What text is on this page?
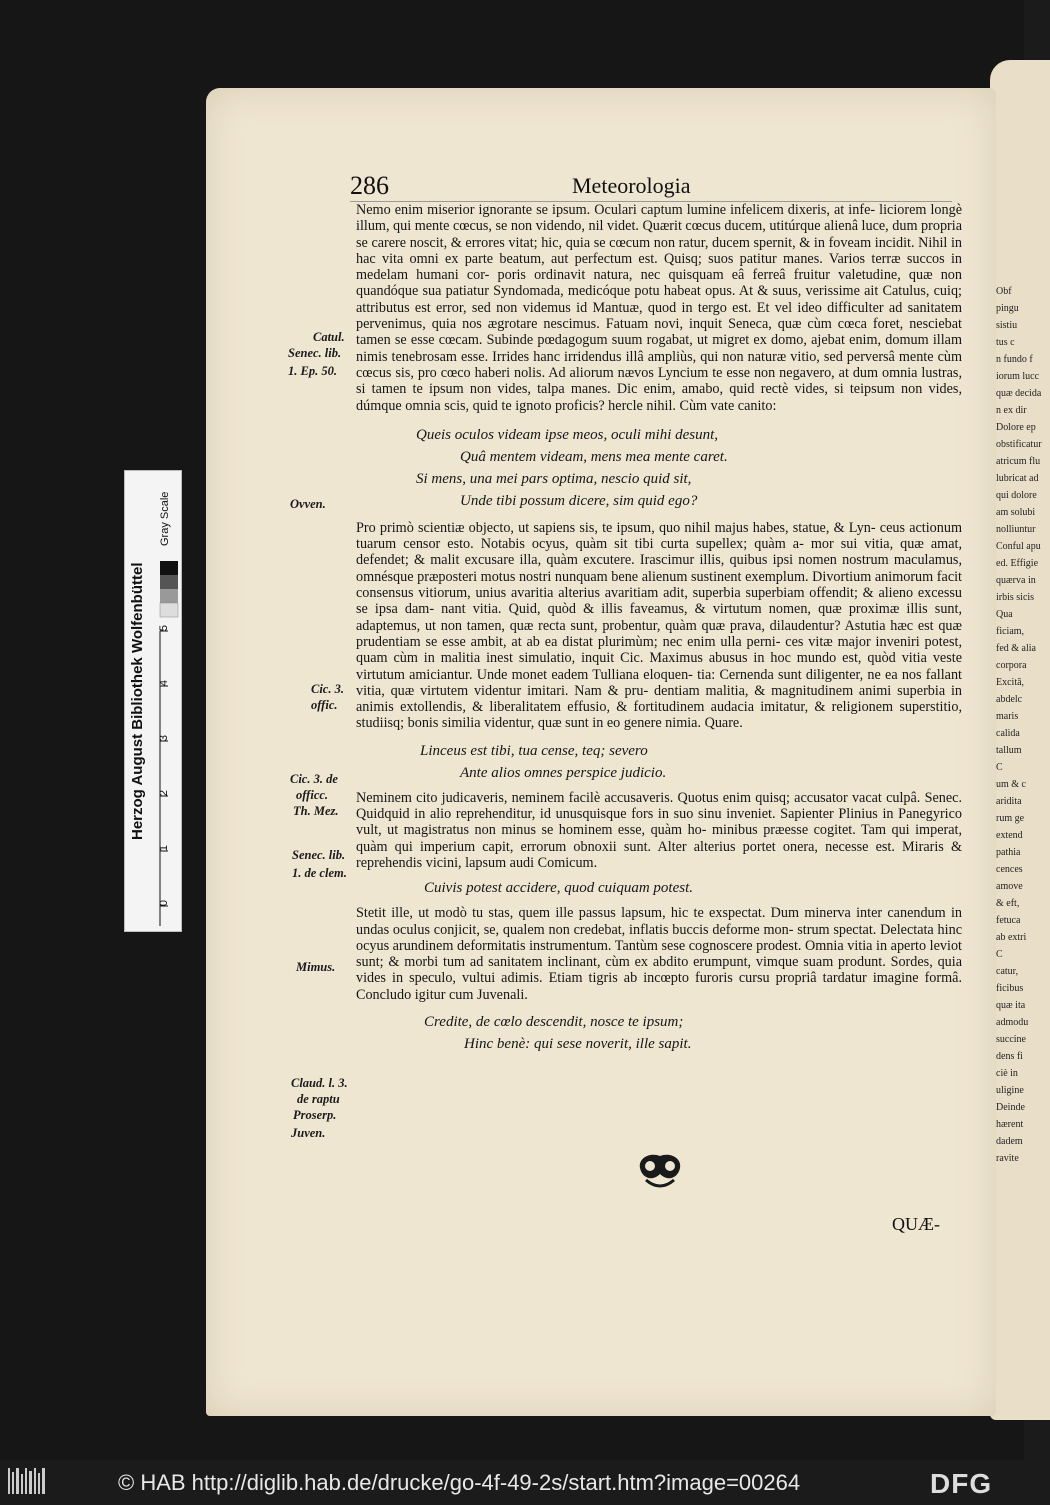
Obf
pingu
sistiu
tus c
n fundo f
iorum lucc
quæ decida
n ex dir
Dolore ep
obstificatur
atricum flu
lubricat ad
qui dolore
am solubi
nolliuntur
Conful apu
ed. Effigie
quærva in
irbis sicis
Qua
ficiam,
fed & alia
corpora
Excitâ,
abdelc
maris
calida
tallum
C
um & c
aridita
rum ge
extend
pathia
cences
amove
& eft,
fetuca
ab extri
C
catur,
ficibus
quæ ita
admodu
succine
dens fi
ciè in
uligine
Deinde
hærent
dadem
ravite
286	Meteorologia

Nemo enim miserior ignorante se ipsum. Oculari captum lumine infelicem dixeris, at infe- liciorem longè illum, qui mente cœcus, se non videndo, nil videt. Quærit cœcus ducem, utitúrque alienâ luce, dum propria se carere noscit, & errores vitat; hic, quia se cœcum non ratur, ducem spernit, & in foveam incidit. Nihil in hac vita omni ex parte beatum, aut perfectum est. Quisq; suos patitur manes. Varios terræ succos in medelam humani cor- poris ordinavit natura, nec quisquam eâ ferreâ fruitur valetudine, quæ non quandóque sua patiatur Syndomada, medicóque potu habeat opus. At & suus, verissime ait Catulus, cuiq; attributus est error, sed non videmus id Mantuæ, quod in tergo est. Et vel ideo difficulter ad sanitatem pervenimus, quia nos ægrotare nescimus. Fatuam novi, inquit Seneca, quæ cùm cœca foret, nesciebat tamen se esse cœcam. Subinde pœdagogum suum rogabat, ut migret ex domo, ajebat enim, domum illam nimis tenebrosam esse. Irrides hanc irridendus illâ ampliùs, qui non naturæ vitio, sed perversâ mente cùm cœcus sis, pro cœco haberi nolis. Ad aliorum nævos Lyncium te esse non negavero, at dum omnia lustras, si tamen te ipsum non vides, talpa manes. Dic enim, amabo, quid rectè vides, si teipsum non vides, dúmque omnia scis, quid te ignoto proficis? hercle nihil. Cùm vate canito:

Queis oculos videam ipse meos, oculi mihi desunt,
Quâ mentem videam, mens mea mente caret.
Si mens, una mei pars optima, nescio quid sit,
Unde tibi possum dicere, sim quid ego?

Pro primò scientiæ objecto, ut sapiens sis, te ipsum, quo nihil majus habes, statue, & Lyn- ceus actionum tuarum censor esto. Notabis ocyus, quàm sit tibi curta supellex; quàm a- mor sui vitia, quæ amat, defendet; & malit excusare illa, quàm excutere. Irascimur illis, quibus ipsi nomen nostrum maculamus, omnésque præposteri motus nostri nunquam bene alienum sustinent exemplum. Divortium animorum facit consensus vitiorum, unius avaritia alterius avaritiam adit, superbia superbiam offendit; & alieno excessu se ipsa dam- nant vitia. Quid, quòd & illis faveamus, & virtutum nomen, quæ proximæ illis sunt, adaptemus, ut non tamen, quæ recta sunt, probentur, quàm quæ prava, dilaudentur? Astutia hæc est quæ prudentiam se esse ambit, at ab ea distat plurimùm; nec enim ulla perni- ces vitæ major inveniri potest, quam cùm in malitia inest simulatio, inquit Cic. Maximus abusus in hoc mundo est, quòd vitia veste virtutum amiciantur. Unde monet eadem Tulliana eloquen- tia: Cernenda sunt diligenter, ne ea nos fallant vitia, quæ virtutem videntur imitari. Nam & pru- dentiam malitia, & magnitudinem animi superbia in animis extollendis, & liberalitatem effusio, & fortitudinem audacia imitatur, & religionem superstitio, studiisq; bonis similia videntur, quæ sunt in eo genere nimia. Quare.

Linceus est tibi, tua cense, teq; severo
Ante alios omnes perspice judicio.

Neminem cito judicaveris, neminem facilè accusaveris. Quotus enim quisq; accusator vacat culpâ. Senec. Quidquid in alio reprehenditur, id unusquisque fors in suo sinu inveniet. Sapienter Plinius in Panegyrico vult, ut magistratus non minus se hominem esse, quàm ho- minibus præesse cogitet. Tam qui imperat, quàm qui imperium capit, errorum obnoxii sunt. Alter alterius portet onera, necesse est. Miraris & reprehendis vicini, lapsum audi Comicum.

Cuivis potest accidere, quod cuiquam potest.

Stetit ille, ut modò tu stas, quem ille passus lapsum, hic te exspectat. Dum minerva inter canendum in undas oculus conjicit, se, qualem non credebat, inflatis buccis deforme mon- strum spectat. Delectata hinc ocyus arundinem deformitatis instrumentum. Tantùm sese cognoscere prodest. Omnia vitia in aperto leviot sunt; & morbi tum ad sanitatem inclinant, cùm ex abdito erumpunt, vimque suam produnt. Sordes, quia vides in speculo, vultui adimis. Etiam tigris ab incœpto furoris cursu propriâ tardatur imagine formâ. Concludo igitur cum Juvenali.

Credite, de cœlo descendit, nosce te ipsum;
Hinc benè: qui sese noverit, ille sapit.
Catul.
Senec. lib.
1. Ep. 50.
Ovven.
Cic. 3.
offic.
Cic. 3. de
officc.
Th. Mez.
Senec. lib.
1. de clem.
Mimus.
Claud. l. 3.
de raptu
Proserp.
Juven.
QUÆ-
Herzog August Bibliothek Wolfenbüttel
Gray Scale
5
4
3
2
1
0
© HAB http://diglib.hab.de/drucke/go-4f-49-2s/start.htm?image=00264	DFG
